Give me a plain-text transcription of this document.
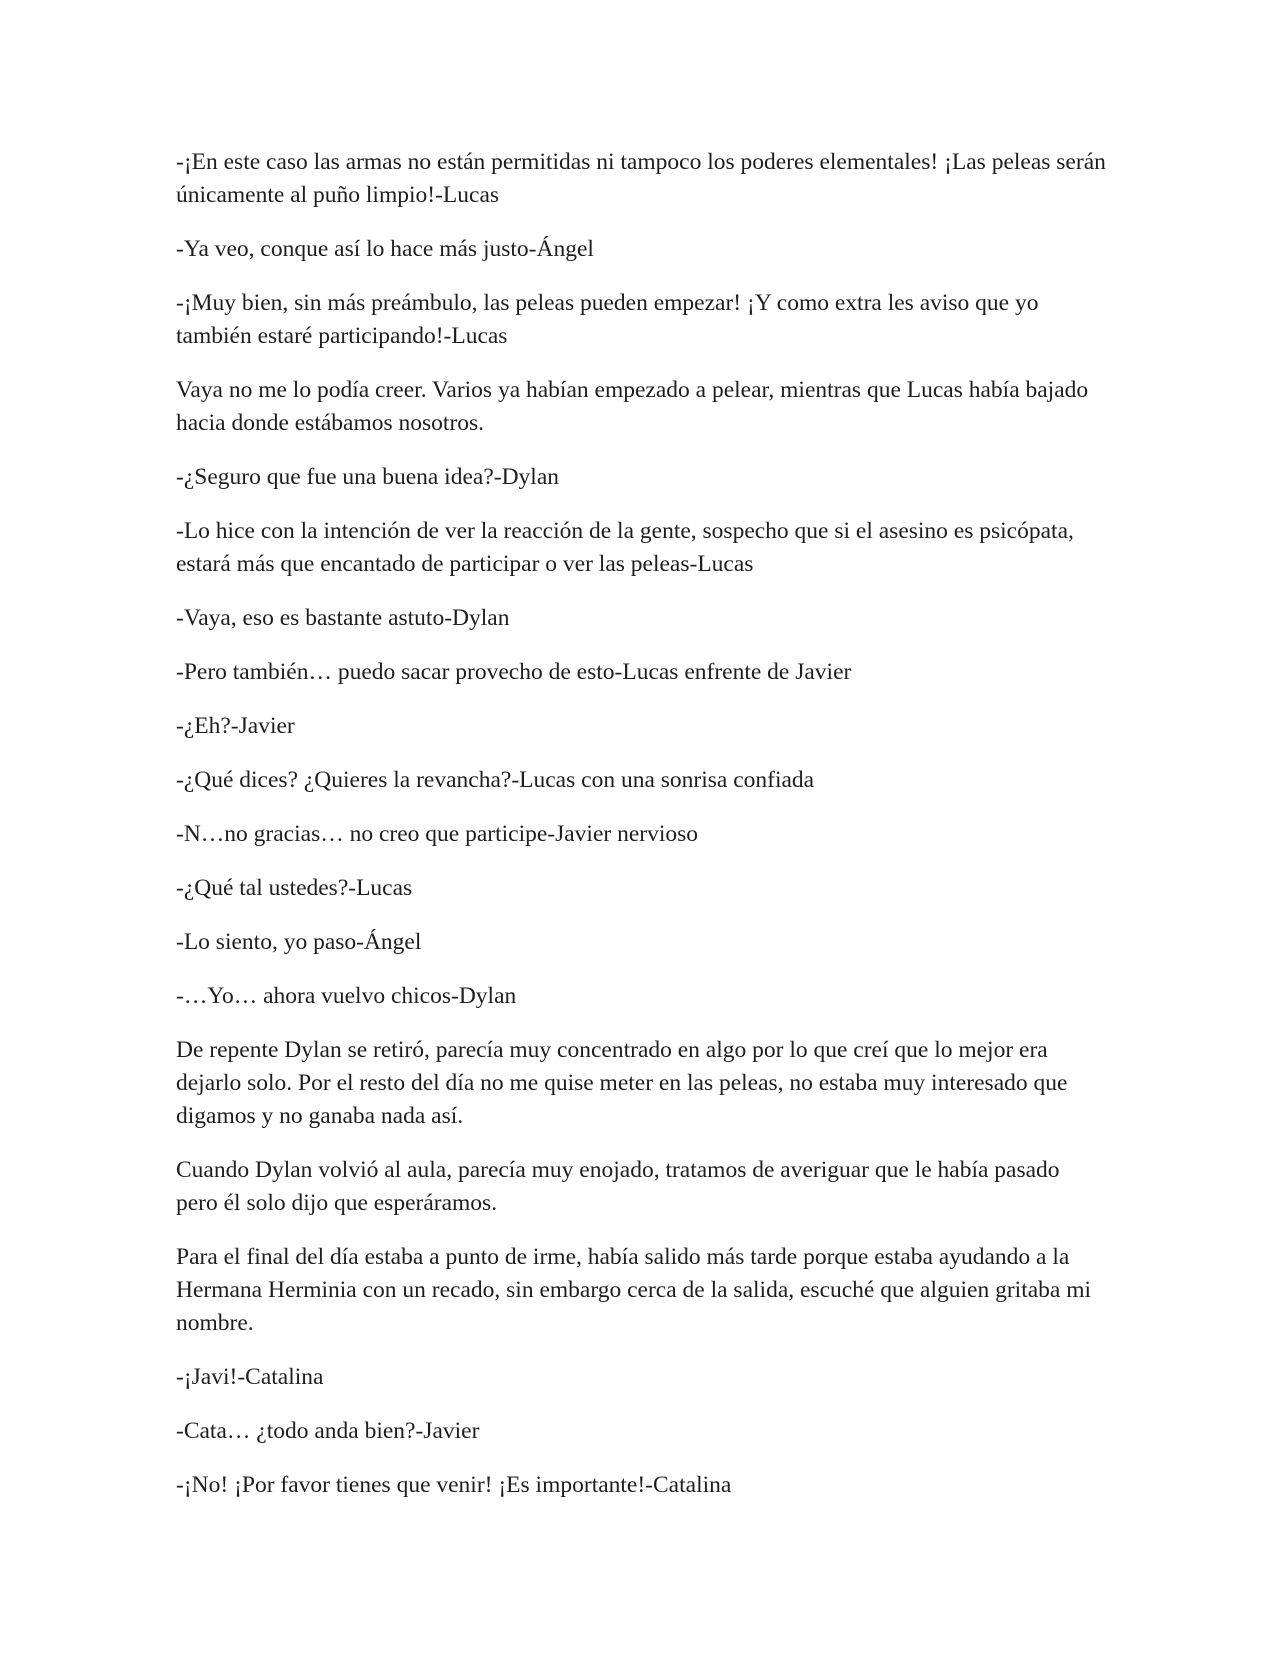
-¡En este caso las armas no están permitidas ni tampoco los poderes elementales! ¡Las peleas serán únicamente al puño limpio!-Lucas

-Ya veo, conque así lo hace más justo-Ángel

-¡Muy bien, sin más preámbulo, las peleas pueden empezar! ¡Y como extra les aviso que yo también estaré participando!-Lucas

Vaya no me lo podía creer. Varios ya habían empezado a pelear, mientras que Lucas había bajado hacia donde estábamos nosotros.

-¿Seguro que fue una buena idea?-Dylan

-Lo hice con la intención de ver la reacción de la gente, sospecho que si el asesino es psicópata, estará más que encantado de participar o ver las peleas-Lucas

-Vaya, eso es bastante astuto-Dylan

-Pero también… puedo sacar provecho de esto-Lucas enfrente de Javier

-¿Eh?-Javier

-¿Qué dices? ¿Quieres la revancha?-Lucas con una sonrisa confiada

-N…no gracias… no creo que participe-Javier nervioso

-¿Qué tal ustedes?-Lucas

-Lo siento, yo paso-Ángel

-…Yo… ahora vuelvo chicos-Dylan

De repente Dylan se retiró, parecía muy concentrado en algo por lo que creí que lo mejor era dejarlo solo. Por el resto del día no me quise meter en las peleas, no estaba muy interesado que digamos y no ganaba nada así.

Cuando Dylan volvió al aula, parecía muy enojado, tratamos de averiguar que le había pasado pero él solo dijo que esperáramos.

Para el final del día estaba a punto de irme, había salido más tarde porque estaba ayudando a la Hermana Herminia con un recado, sin embargo cerca de la salida, escuché que alguien gritaba mi nombre.

-¡Javi!-Catalina

-Cata… ¿todo anda bien?-Javier

-¡No! ¡Por favor tienes que venir! ¡Es importante!-Catalina
